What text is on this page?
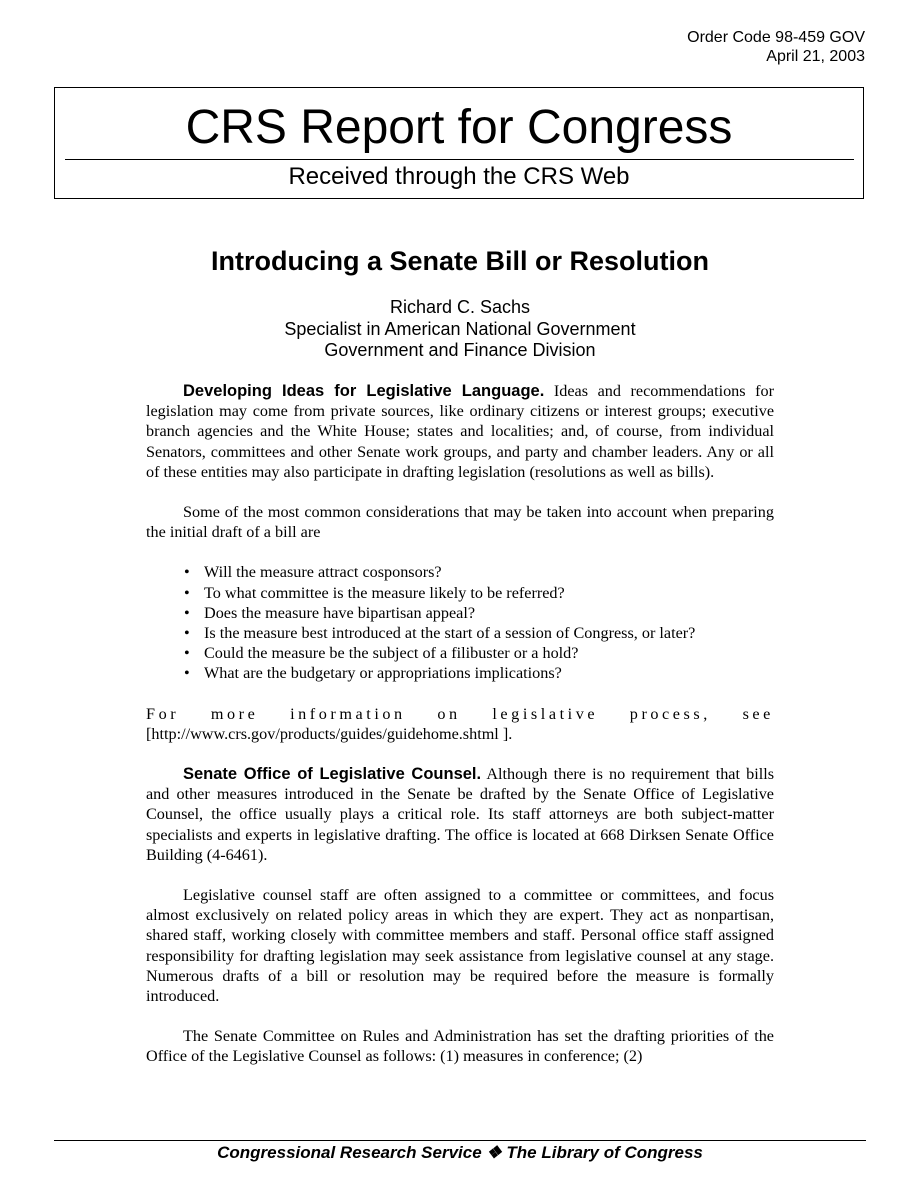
Order Code 98-459 GOV
April 21, 2003
CRS Report for Congress
Received through the CRS Web
Introducing a Senate Bill or Resolution
Richard C. Sachs
Specialist in American National Government
Government and Finance Division

Developing Ideas for Legislative Language. Ideas and recommendations for legislation may come from private sources, like ordinary citizens or interest groups; executive branch agencies and the White House; states and localities; and, of course, from individual Senators, committees and other Senate work groups, and party and chamber leaders. Any or all of these entities may also participate in drafting legislation (resolutions as well as bills).

Some of the most common considerations that may be taken into account when preparing the initial draft of a bill are

• Will the measure attract cosponsors?
• To what committee is the measure likely to be referred?
• Does the measure have bipartisan appeal?
• Is the measure best introduced at the start of a session of Congress, or later?
• Could the measure be the subject of a filibuster or a hold?
• What are the budgetary or appropriations implications?
For more information on legislative process, see
[http://www.crs.gov/products/guides/guidehome.shtml ].

Senate Office of Legislative Counsel. Although there is no requirement that bills and other measures introduced in the Senate be drafted by the Senate Office of Legislative Counsel, the office usually plays a critical role. Its staff attorneys are both subject-matter specialists and experts in legislative drafting. The office is located at 668 Dirksen Senate Office Building (4-6461).

Legislative counsel staff are often assigned to a committee or committees, and focus almost exclusively on related policy areas in which they are expert. They act as nonpartisan, shared staff, working closely with committee members and staff. Personal office staff assigned responsibility for drafting legislation may seek assistance from legislative counsel at any stage. Numerous drafts of a bill or resolution may be required before the measure is formally introduced.

The Senate Committee on Rules and Administration has set the drafting priorities of the Office of the Legislative Counsel as follows: (1) measures in conference; (2)

Congressional Research Service ❖ The Library of Congress
